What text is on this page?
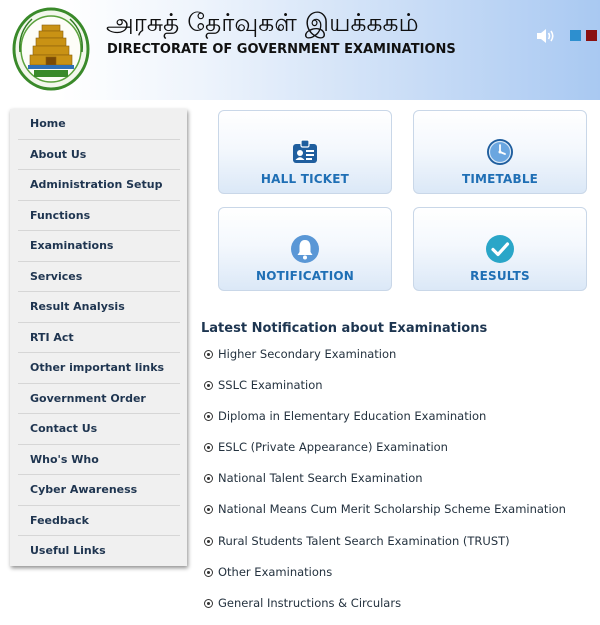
அரசுத் தேர்வுகள் இயக்ககம்
DIRECTORATE OF GOVERNMENT EXAMINATIONS
Home
About Us
Administration Setup
Functions
Examinations
Services
Result Analysis
RTI Act
Other important links
Government Order
Contact Us
Who's Who
Cyber Awareness
Feedback
Useful Links
HALL TICKET	TIMETABLE
NOTIFICATION	RESULTS
Latest Notification about Examinations
Higher Secondary Examination
SSLC Examination
Diploma in Elementary Education Examination
ESLC (Private Appearance) Examination
National Talent Search Examination
National Means Cum Merit Scholarship Scheme Examination
Rural Students Talent Search Examination (TRUST)
Other Examinations
General Instructions & Circulars
